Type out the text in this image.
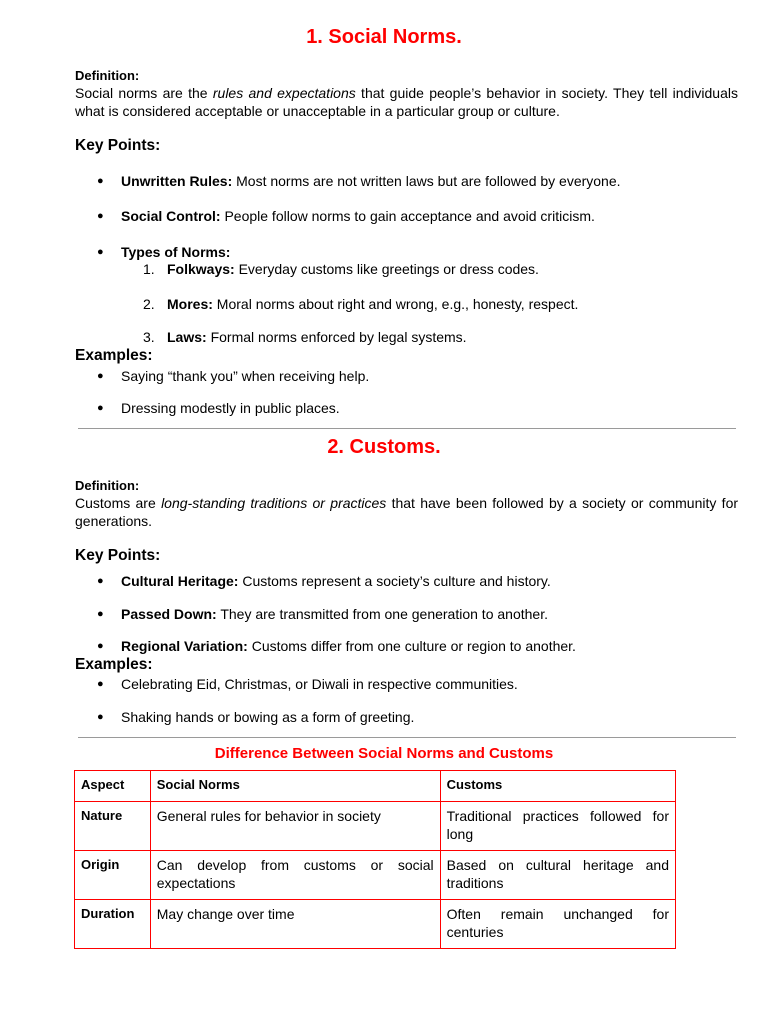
1. Social Norms.
Definition:
Social norms are the rules and expectations that guide people’s behavior in society. They tell individuals what is considered acceptable or unacceptable in a particular group or culture.
Key Points:
● Unwritten Rules: Most norms are not written laws but are followed by everyone.
● Social Control: People follow norms to gain acceptance and avoid criticism.
● Types of Norms:
1. Folkways: Everyday customs like greetings or dress codes.
2. Mores: Moral norms about right and wrong, e.g., honesty, respect.
3. Laws: Formal norms enforced by legal systems.
Examples:
● Saying “thank you” when receiving help.
● Dressing modestly in public places.
2. Customs.
Definition:
Customs are long-standing traditions or practices that have been followed by a society or community for generations.
Key Points:
● Cultural Heritage: Customs represent a society’s culture and history.
● Passed Down: They are transmitted from one generation to another.
● Regional Variation: Customs differ from one culture or region to another.
Examples:
● Celebrating Eid, Christmas, or Diwali in respective communities.
● Shaking hands or bowing as a form of greeting.
Difference Between Social Norms and Customs
Aspect	Social Norms	Customs
Nature	General rules for behavior in society	Traditional practices followed for long
Origin	Can develop from customs or social expectations	Based on cultural heritage and traditions
Duration	May change over time	Often remain unchanged for centuries
